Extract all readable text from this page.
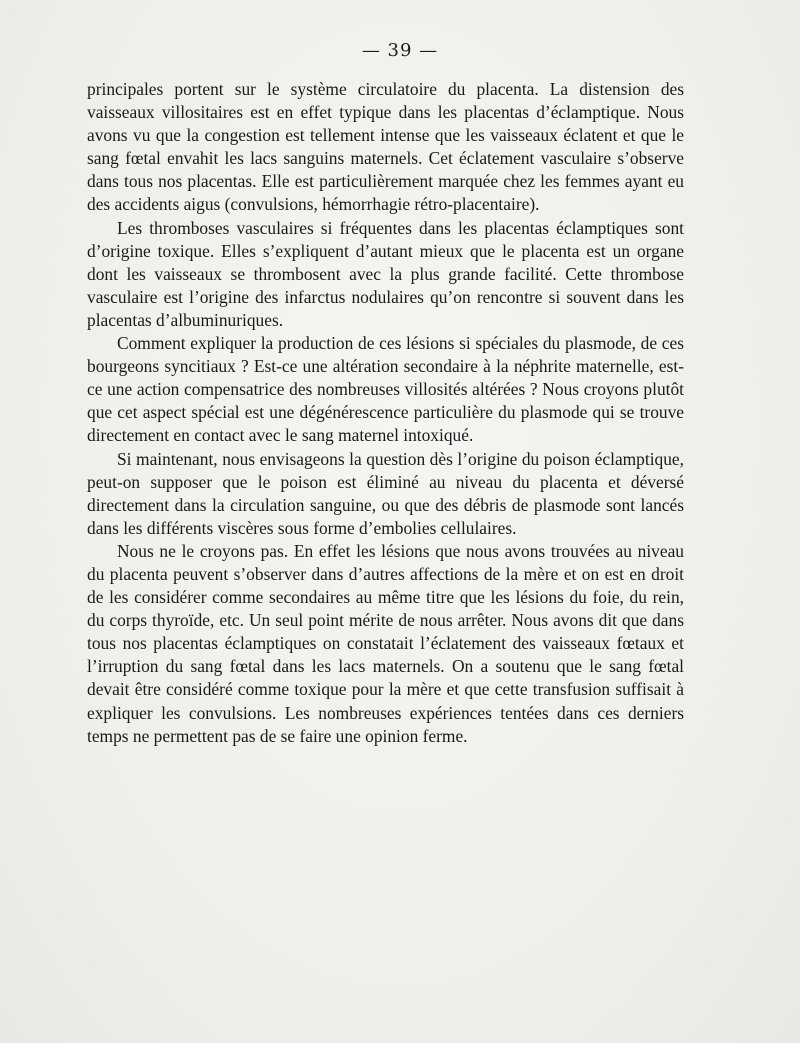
— 39 —

principales portent sur le système circulatoire du placenta. La distension des vaisseaux villositaires est en effet typique dans les placentas d’éclamptique. Nous avons vu que la congestion est tellement intense que les vaisseaux éclatent et que le sang fœtal envahit les lacs sanguins maternels. Cet éclatement vasculaire s’observe dans tous nos placentas. Elle est particulièrement marquée chez les femmes ayant eu des accidents aigus (convulsions, hémorrhagie rétro-placentaire).

Les thromboses vasculaires si fréquentes dans les placentas éclamptiques sont d’origine toxique. Elles s’expliquent d’autant mieux que le placenta est un organe dont les vaisseaux se thrombosent avec la plus grande facilité. Cette thrombose vasculaire est l’origine des infarctus nodulaires qu’on rencontre si souvent dans les placentas d’albuminuriques.

Comment expliquer la production de ces lésions si spéciales du plasmode, de ces bourgeons syncitiaux ? Est-ce une altération secondaire à la néphrite maternelle, est-ce une action compensatrice des nombreuses villosités altérées ? Nous croyons plutôt que cet aspect spécial est une dégénérescence particulière du plasmode qui se trouve directement en contact avec le sang maternel intoxiqué.

Si maintenant, nous envisageons la question dès l’origine du poison éclamptique, peut-on supposer que le poison est éliminé au niveau du placenta et déversé directement dans la circulation sanguine, ou que des débris de plasmode sont lancés dans les différents viscères sous forme d’embolies cellulaires.

Nous ne le croyons pas. En effet les lésions que nous avons trouvées au niveau du placenta peuvent s’observer dans d’autres affections de la mère et on est en droit de les considérer comme secondaires au même titre que les lésions du foie, du rein, du corps thyroïde, etc. Un seul point mérite de nous arrêter. Nous avons dit que dans tous nos placentas éclamptiques on constatait l’éclatement des vaisseaux fœtaux et l’irruption du sang fœtal dans les lacs maternels. On a soutenu que le sang fœtal devait être considéré comme toxique pour la mère et que cette transfusion suffisait à expliquer les convulsions. Les nombreuses expériences tentées dans ces derniers temps ne permettent pas de se faire une opinion ferme.
